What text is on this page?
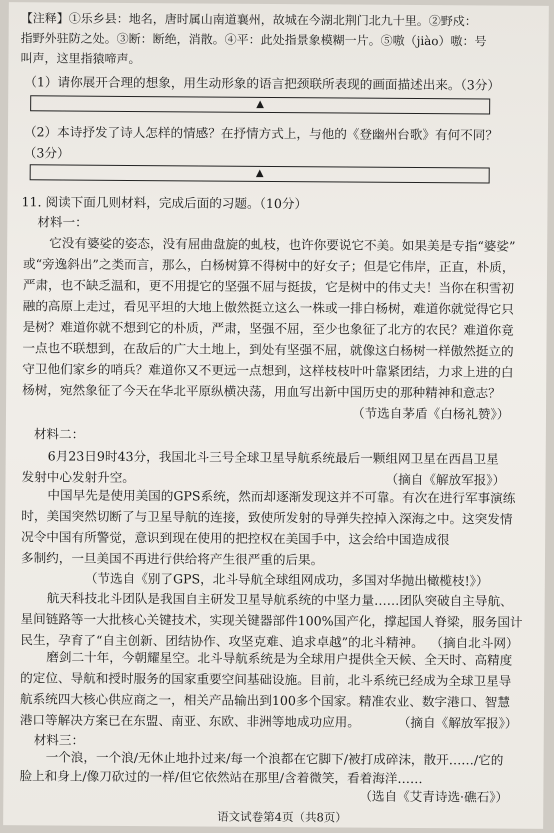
【注释】①乐乡县：地名，唐时属山南道襄州，故城在今湖北荆门北九十里。②野戍：
指野外驻防之处。③断：断绝，消散。④平：此处指景象模糊一片。⑤嗷（jiào）嗷：号
叫声，这里指猿啼声。
（1）请你展开合理的想象，用生动形象的语言把颈联所表现的画面描述出来。（3分）
▲
（2）本诗抒发了诗人怎样的情感？在抒情方式上，与他的《登幽州台歌》有何不同？
（3分）
▲
11. 阅读下面几则材料，完成后面的习题。（10分）
材料一：
它没有婆娑的姿态，没有屈曲盘旋的虬枝，也许你要说它不美。如果美是专指“婆娑”
或“旁逸斜出”之类而言，那么，白杨树算不得树中的好女子；但是它伟岸，正直，朴质，
严肃，也不缺乏温和，更不用提它的坚强不屈与挺拔，它是树中的伟丈夫！当你在积雪初
融的高原上走过，看见平坦的大地上傲然挺立这么一株或一排白杨树，难道你就觉得它只
是树？难道你就不想到它的朴质，严肃，坚强不屈，至少也象征了北方的农民？难道你竟
一点也不联想到，在敌后的广大土地上，到处有坚强不屈，就像这白杨树一样傲然挺立的
守卫他们家乡的哨兵？难道你又不更远一点想到，这样枝枝叶叶靠紧团结，力求上进的白
杨树，宛然象征了今天在华北平原纵横决荡，用血写出新中国历史的那种精神和意志？
（节选自茅盾《白杨礼赞》）
材料二：
6月23日9时43分，我国北斗三号全球卫星导航系统最后一颗组网卫星在西昌卫星
发射中心发射升空。	（摘自《解放军报》）
中国早先是使用美国的GPS系统，然而却逐渐发现这并不可靠。有次在进行军事演练
时，美国突然切断了与卫星导航的连接，致使所发射的导弹失控掉入深海之中。这突发情
况令中国有所警觉，意识到现在使用的把控权在美国手中，这会给中国造成很
多制约，一旦美国不再进行供给将产生很严重的后果。
（节选自《别了GPS，北斗导航全球组网成功，多国对华抛出橄榄枝!》）
航天科技北斗团队是我国自主研发卫星导航系统的中坚力量……团队突破自主导航、
星间链路等一大批核心关键技术，实现关键器部件100%国产化，撑起国人脊梁，服务国计
民生，孕育了“自主创新、团结协作、攻坚克难、追求卓越”的北斗精神。 （摘自北斗网）
磨剑二十年，今朝耀星空。北斗导航系统是为全球用户提供全天候、全天时、高精度
的定位、导航和授时服务的国家重要空间基础设施。目前，北斗系统已经成为全球卫星导
航系统四大核心供应商之一，相关产品输出到100多个国家。精准农业、数字港口、智慧
港口等解决方案已在东盟、南亚、东欧、非洲等地成功应用。	（摘自《解放军报》）
材料三：
一个浪，一个浪/无休止地扑过来/每一个浪都在它脚下/被打成碎沫，散开……/它的
脸上和身上/像刀砍过的一样/但它依然站在那里/含着微笑，看着海洋……
（选自《艾青诗选·礁石》）
语文试卷第4页（共8页）
